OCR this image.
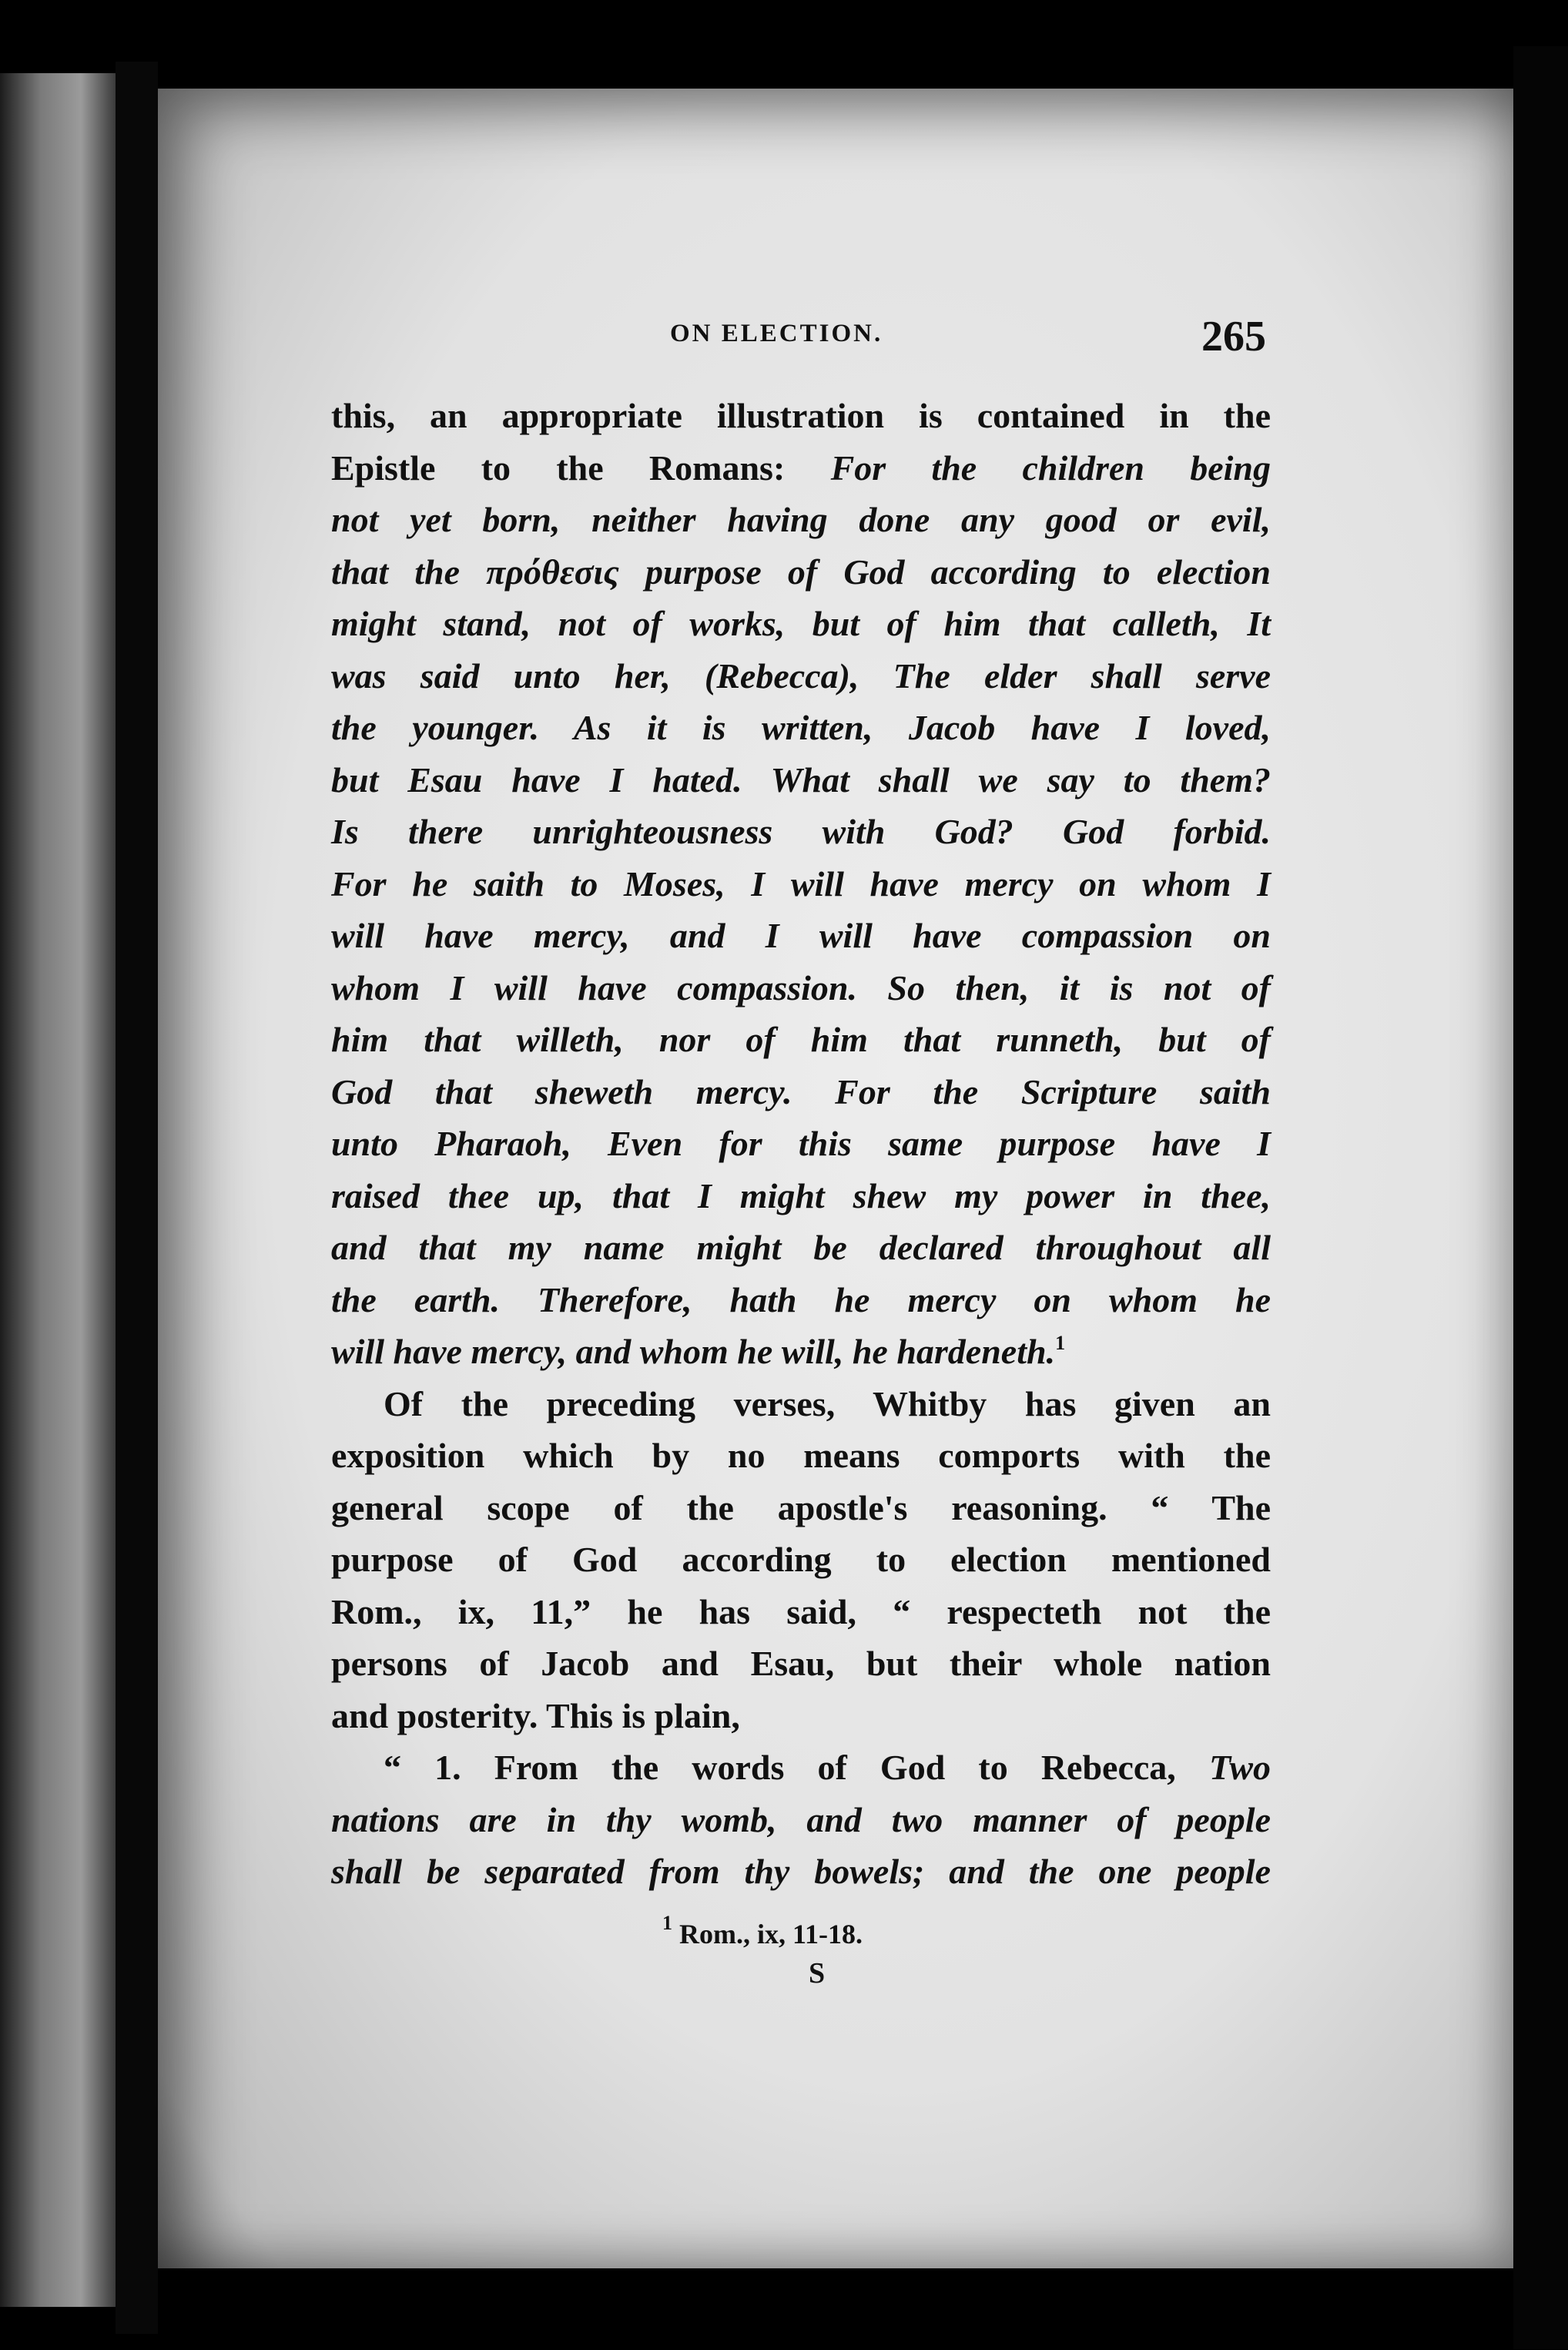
ON ELECTION.	265
this, an appropriate illustration is contained in the
Epistle to the Romans: For the children being
not yet born, neither having done any good or evil,
that the πρόθεσις purpose of God according to election
might stand, not of works, but of him that calleth, It
was said unto her, (Rebecca), The elder shall serve
the younger. As it is written, Jacob have I loved,
but Esau have I hated. What shall we say to them?
Is there unrighteousness with God? God forbid.
For he saith to Moses, I will have mercy on whom I
will have mercy, and I will have compassion on
whom I will have compassion. So then, it is not of
him that willeth, nor of him that runneth, but of
God that sheweth mercy. For the Scripture saith
unto Pharaoh, Even for this same purpose have I
raised thee up, that I might shew my power in thee,
and that my name might be declared throughout all
the earth. Therefore, hath he mercy on whom he
will have mercy, and whom he will, he hardeneth.$^1$
Of the preceding verses, Whitby has given an
exposition which by no means comports with the
general scope of the apostle's reasoning. “ The
purpose of God according to election mentioned
Rom., ix, 11,” he has said, “ respecteth not the
persons of Jacob and Esau, but their whole nation
and posterity. This is plain,
“ 1. From the words of God to Rebecca, Two
nations are in thy womb, and two manner of people
shall be separated from thy bowels; and the one people
$^1$ Rom., ix, 11-18.
S
